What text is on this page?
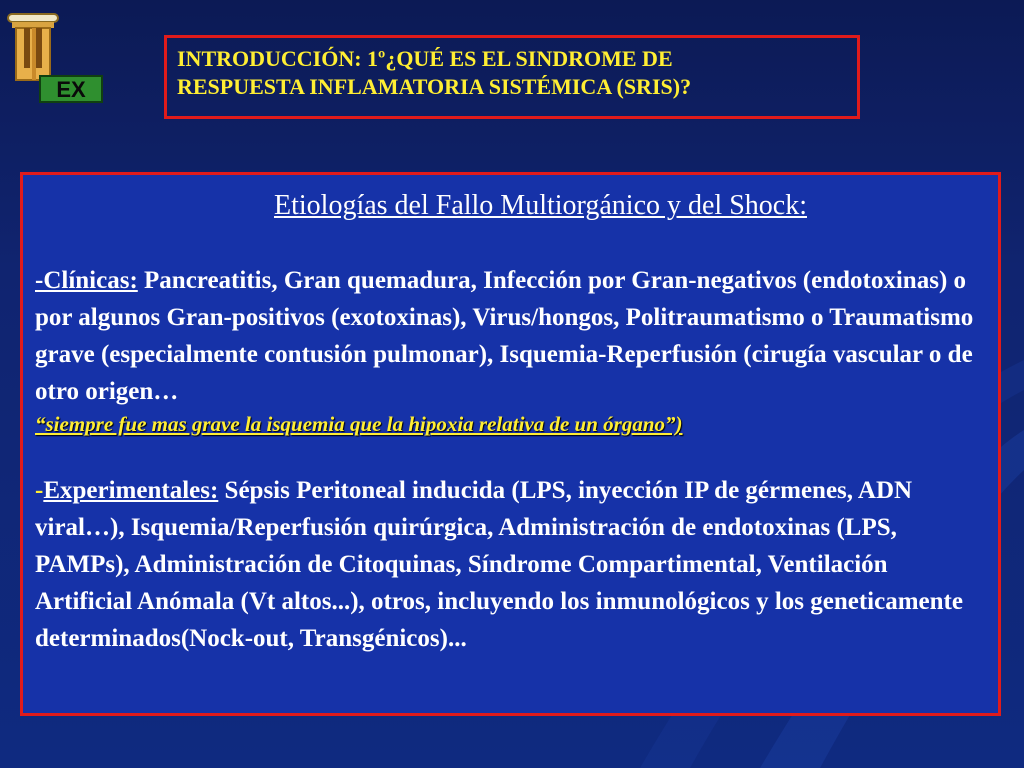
EX
INTRODUCCIÓN: 1º¿QUÉ ES EL SINDROME DE
RESPUESTA INFLAMATORIA SISTÉMICA (SRIS)?
Etiologías del Fallo Multiorgánico y del Shock:

-Clínicas: Pancreatitis, Gran quemadura, Infección por Gran-negativos (endotoxinas) o por algunos Gran-positivos (exotoxinas), Virus/hongos, Politraumatismo o Traumatismo grave (especialmente contusión pulmonar), Isquemia-Reperfusión (cirugía vascular o de otro origen…

“siempre fue mas grave la isquemia que la hipoxia relativa de un órgano”)

-Experimentales: Sépsis Peritoneal inducida (LPS, inyección IP de gérmenes, ADN viral…), Isquemia/Reperfusión quirúrgica, Administración de endotoxinas (LPS, PAMPs), Administración de Citoquinas, Síndrome Compartimental, Ventilación Artificial Anómala (Vt altos...), otros, incluyendo los inmunológicos y los geneticamente determinados(Nock-out, Transgénicos)...
